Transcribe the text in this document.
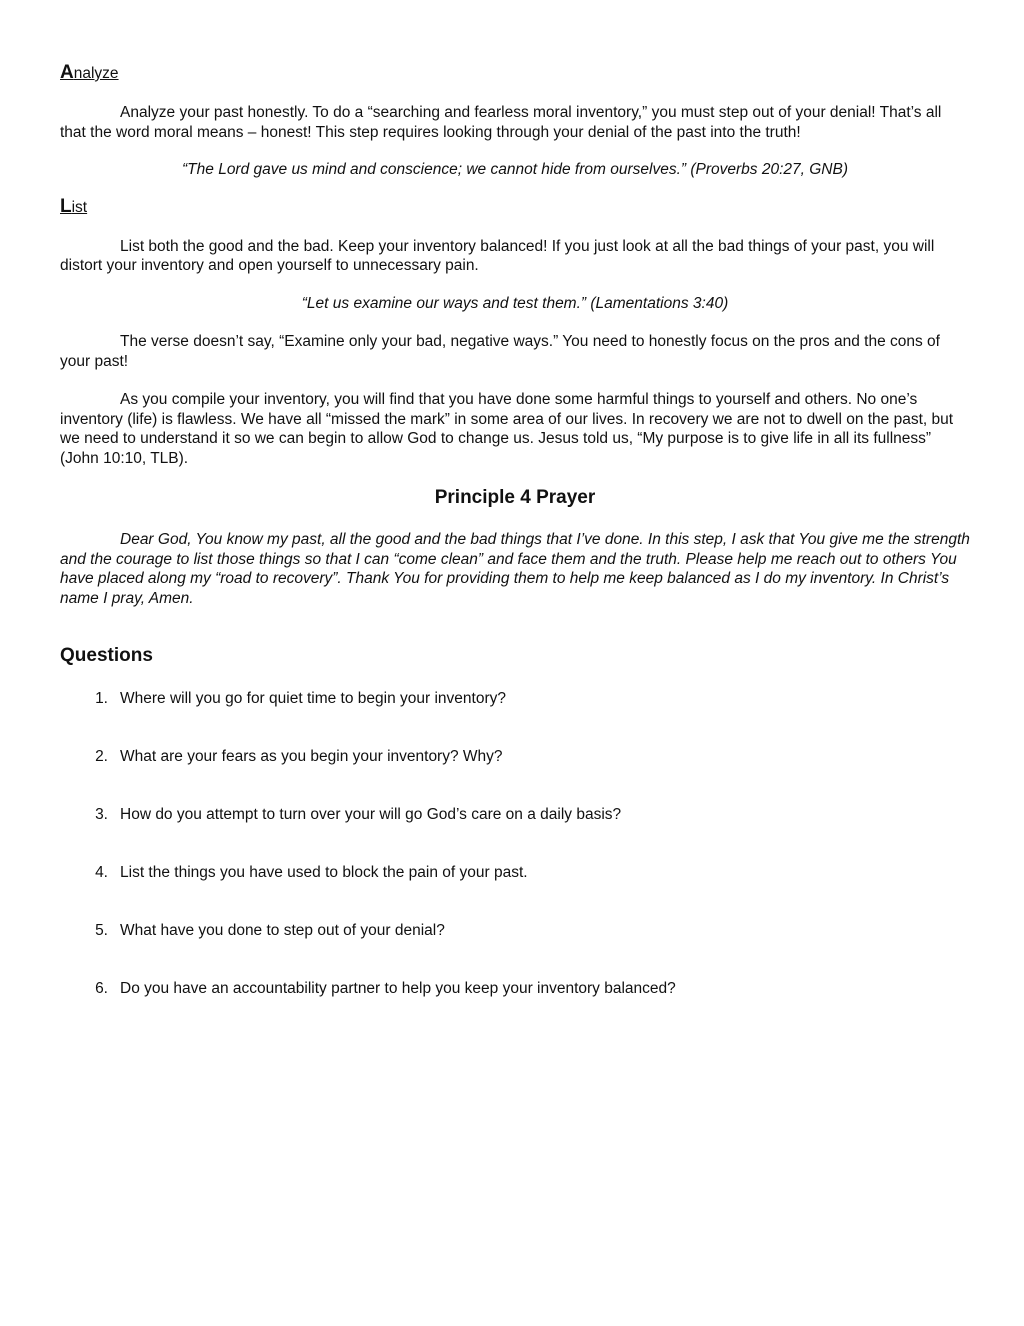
Analyze

Analyze your past honestly. To do a “searching and fearless moral inventory,” you must step out of your denial! That’s all that the word moral means – honest! This step requires looking through your denial of the past into the truth!

“The Lord gave us mind and conscience; we cannot hide from ourselves.” (Proverbs 20:27, GNB)

List

List both the good and the bad. Keep your inventory balanced! If you just look at all the bad things of your past, you will distort your inventory and open yourself to unnecessary pain.

“Let us examine our ways and test them.” (Lamentations 3:40)

The verse doesn’t say, “Examine only your bad, negative ways.” You need to honestly focus on the pros and the cons of your past!

As you compile your inventory, you will find that you have done some harmful things to yourself and others. No one’s inventory (life) is flawless. We have all “missed the mark” in some area of our lives. In recovery we are not to dwell on the past, but we need to understand it so we can begin to allow God to change us. Jesus told us, “My purpose is to give life in all its fullness” (John 10:10, TLB).

Principle 4 Prayer

Dear God, You know my past, all the good and the bad things that I’ve done. In this step, I ask that You give me the strength and the courage to list those things so that I can “come clean” and face them and the truth. Please help me reach out to others You have placed along my “road to recovery”. Thank You for providing them to help me keep balanced as I do my inventory. In Christ’s name I pray, Amen.

Questions
1. Where will you go for quiet time to begin your inventory?
2. What are your fears as you begin your inventory? Why?
3. How do you attempt to turn over your will go God’s care on a daily basis?
4. List the things you have used to block the pain of your past.
5. What have you done to step out of your denial?
6. Do you have an accountability partner to help you keep your inventory balanced?
